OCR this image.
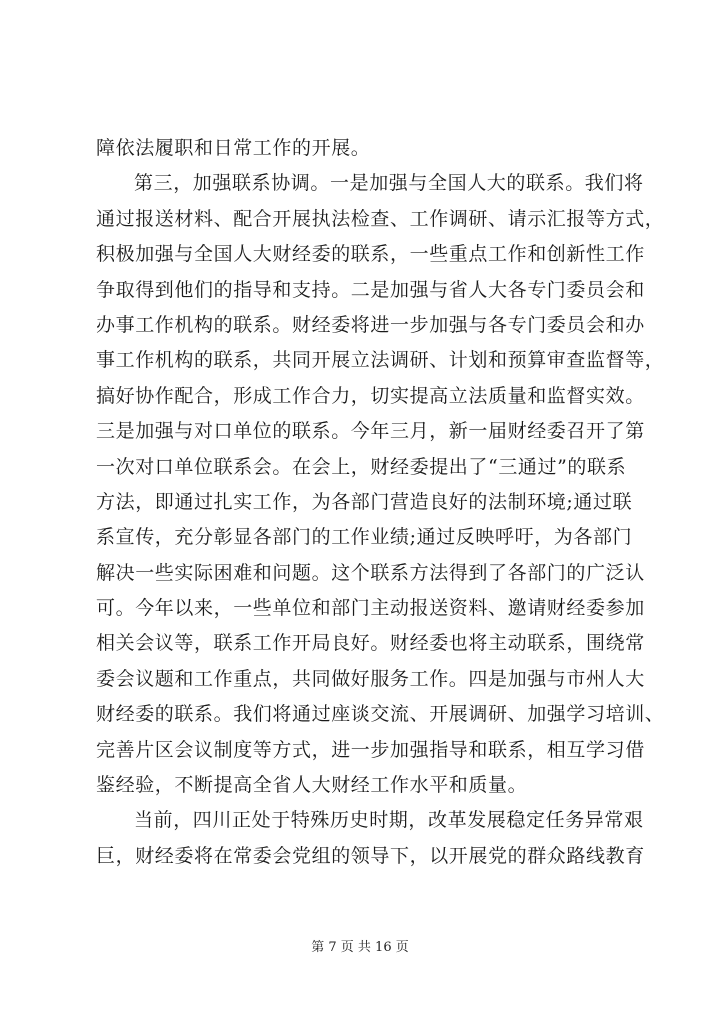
障依法履职和日常工作的开展。
第三，加强联系协调。一是加强与全国人大的联系。我们将
通过报送材料、配合开展执法检查、工作调研、请示汇报等方式，
积极加强与全国人大财经委的联系，一些重点工作和创新性工作
争取得到他们的指导和支持。二是加强与省人大各专门委员会和
办事工作机构的联系。财经委将进一步加强与各专门委员会和办
事工作机构的联系，共同开展立法调研、计划和预算审查监督等，
搞好协作配合，形成工作合力，切实提高立法质量和监督实效。
三是加强与对口单位的联系。今年三月，新一届财经委召开了第
一次对口单位联系会。在会上，财经委提出了“三通过”的联系
方法，即通过扎实工作，为各部门营造良好的法制环境;通过联
系宣传，充分彰显各部门的工作业绩;通过反映呼吁，为各部门
解决一些实际困难和问题。这个联系方法得到了各部门的广泛认
可。今年以来，一些单位和部门主动报送资料、邀请财经委参加
相关会议等，联系工作开局良好。财经委也将主动联系，围绕常
委会议题和工作重点，共同做好服务工作。四是加强与市州人大
财经委的联系。我们将通过座谈交流、开展调研、加强学习培训、
完善片区会议制度等方式，进一步加强指导和联系，相互学习借
鉴经验，不断提高全省人大财经工作水平和质量。
当前，四川正处于特殊历史时期，改革发展稳定任务异常艰
巨，财经委将在常委会党组的领导下，以开展党的群众路线教育
第 7 页 共 16 页
